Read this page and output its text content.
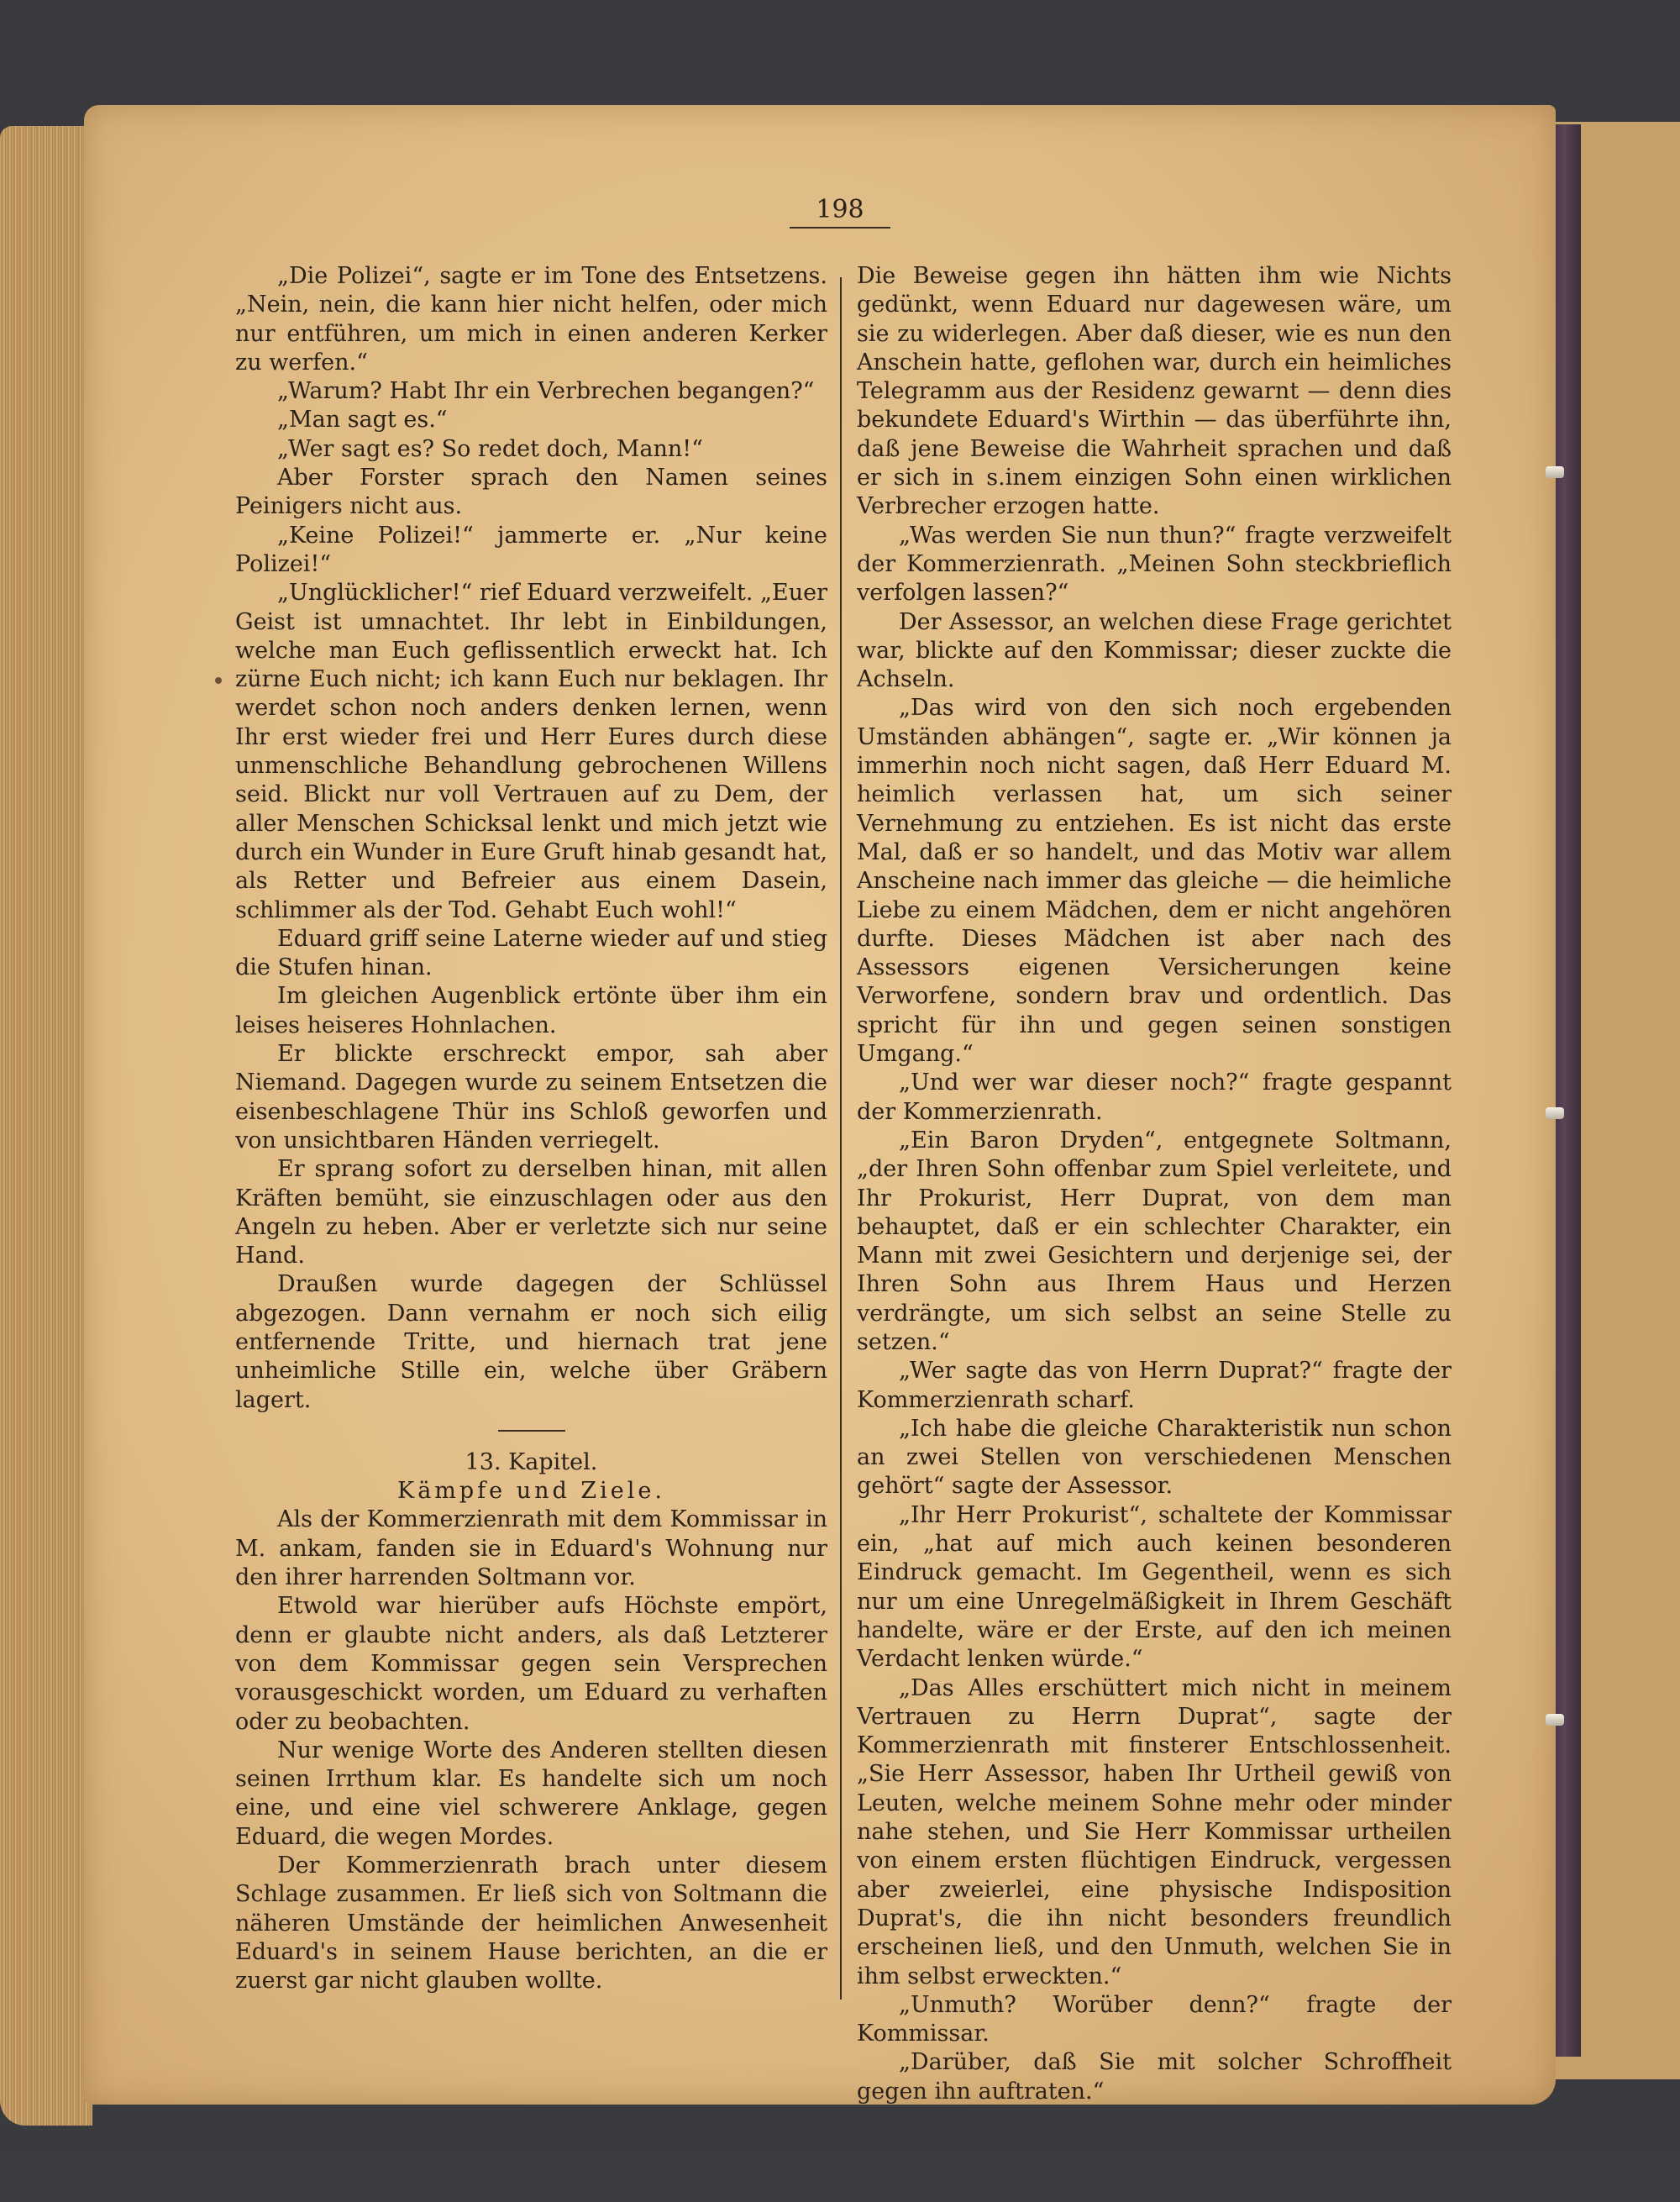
198

„Die Polizei“, sagte er im Tone des Entsetzens. „Nein, nein, die kann hier nicht helfen, oder mich nur entführen, um mich in einen anderen Kerker zu werfen.“

„Warum? Habt Ihr ein Verbrechen begangen?“

„Man sagt es.“

„Wer sagt es? So redet doch, Mann!“

Aber Forster sprach den Namen seines Peinigers nicht aus.

„Keine Polizei!“ jammerte er. „Nur keine Polizei!“

„Unglücklicher!“ rief Eduard verzweifelt. „Euer Geist ist umnachtet. Ihr lebt in Einbildungen, welche man Euch geflissentlich erweckt hat. Ich zürne Euch nicht; ich kann Euch nur beklagen. Ihr werdet schon noch anders denken lernen, wenn Ihr erst wieder frei und Herr Eures durch diese unmenschliche Behandlung gebrochenen Willens seid. Blickt nur voll Vertrauen auf zu Dem, der aller Menschen Schicksal lenkt und mich jetzt wie durch ein Wunder in Eure Gruft hinab gesandt hat, als Retter und Befreier aus einem Dasein, schlimmer als der Tod. Gehabt Euch wohl!“

Eduard griff seine Laterne wieder auf und stieg die Stufen hinan.

Im gleichen Augenblick ertönte über ihm ein leises heiseres Hohnlachen.

Er blickte erschreckt empor, sah aber Niemand. Dagegen wurde zu seinem Entsetzen die eisenbeschlagene Thür ins Schloß geworfen und von unsichtbaren Händen verriegelt.

Er sprang sofort zu derselben hinan, mit allen Kräften bemüht, sie einzuschlagen oder aus den Angeln zu heben. Aber er verletzte sich nur seine Hand.

Draußen wurde dagegen der Schlüssel abgezogen. Dann vernahm er noch sich eilig entfernende Tritte, und hiernach trat jene unheimliche Stille ein, welche über Gräbern lagert.

13. Kapitel.

Kämpfe und Ziele.

Als der Kommerzienrath mit dem Kommissar in M. ankam, fanden sie in Eduard's Wohnung nur den ihrer harrenden Soltmann vor.

Etwold war hierüber aufs Höchste empört, denn er glaubte nicht anders, als daß Letzterer von dem Kommissar gegen sein Versprechen vorausgeschickt worden, um Eduard zu verhaften oder zu beobachten.

Nur wenige Worte des Anderen stellten diesen seinen Irrthum klar. Es handelte sich um noch eine, und eine viel schwerere Anklage, gegen Eduard, die wegen Mordes.

Der Kommerzienrath brach unter diesem Schlage zusammen. Er ließ sich von Soltmann die näheren Umstände der heimlichen Anwesenheit Eduard's in seinem Hause berichten, an die er zuerst gar nicht glauben wollte.

Die Beweise gegen ihn hätten ihm wie Nichts gedünkt, wenn Eduard nur dagewesen wäre, um sie zu widerlegen. Aber daß dieser, wie es nun den Anschein hatte, geflohen war, durch ein heimliches Telegramm aus der Residenz gewarnt — denn dies bekundete Eduard's Wirthin — das überführte ihn, daß jene Beweise die Wahrheit sprachen und daß er sich in s.inem einzigen Sohn einen wirklichen Verbrecher erzogen hatte.

„Was werden Sie nun thun?“ fragte verzweifelt der Kommerzienrath. „Meinen Sohn steckbrieflich verfolgen lassen?“

Der Assessor, an welchen diese Frage gerichtet war, blickte auf den Kommissar; dieser zuckte die Achseln.

„Das wird von den sich noch ergebenden Umständen abhängen“, sagte er. „Wir können ja immerhin noch nicht sagen, daß Herr Eduard M. heimlich verlassen hat, um sich seiner Vernehmung zu entziehen. Es ist nicht das erste Mal, daß er so handelt, und das Motiv war allem Anscheine nach immer das gleiche — die heimliche Liebe zu einem Mädchen, dem er nicht angehören durfte. Dieses Mädchen ist aber nach des Assessors eigenen Versicherungen keine Verworfene, sondern brav und ordentlich. Das spricht für ihn und gegen seinen sonstigen Umgang.“

„Und wer war dieser noch?“ fragte gespannt der Kommerzienrath.

„Ein Baron Dryden“, entgegnete Soltmann, „der Ihren Sohn offenbar zum Spiel verleitete, und Ihr Prokurist, Herr Duprat, von dem man behauptet, daß er ein schlechter Charakter, ein Mann mit zwei Gesichtern und derjenige sei, der Ihren Sohn aus Ihrem Haus und Herzen verdrängte, um sich selbst an seine Stelle zu setzen.“

„Wer sagte das von Herrn Duprat?“ fragte der Kommerzienrath scharf.

„Ich habe die gleiche Charakteristik nun schon an zwei Stellen von verschiedenen Menschen gehört“ sagte der Assessor.

„Ihr Herr Prokurist“, schaltete der Kommissar ein, „hat auf mich auch keinen besonderen Eindruck gemacht. Im Gegentheil, wenn es sich nur um eine Unregelmäßigkeit in Ihrem Geschäft handelte, wäre er der Erste, auf den ich meinen Verdacht lenken würde.“

„Das Alles erschüttert mich nicht in meinem Vertrauen zu Herrn Duprat“, sagte der Kommerzienrath mit finsterer Entschlossenheit. „Sie Herr Assessor, haben Ihr Urtheil gewiß von Leuten, welche meinem Sohne mehr oder minder nahe stehen, und Sie Herr Kommissar urtheilen von einem ersten flüchtigen Eindruck, vergessen aber zweierlei, eine physische Indisposition Duprat's, die ihn nicht besonders freundlich erscheinen ließ, und den Unmuth, welchen Sie in ihm selbst erweckten.“

„Unmuth? Worüber denn?“ fragte der Kommissar.

„Darüber, daß Sie mit solcher Schroffheit gegen ihn auftraten.“
